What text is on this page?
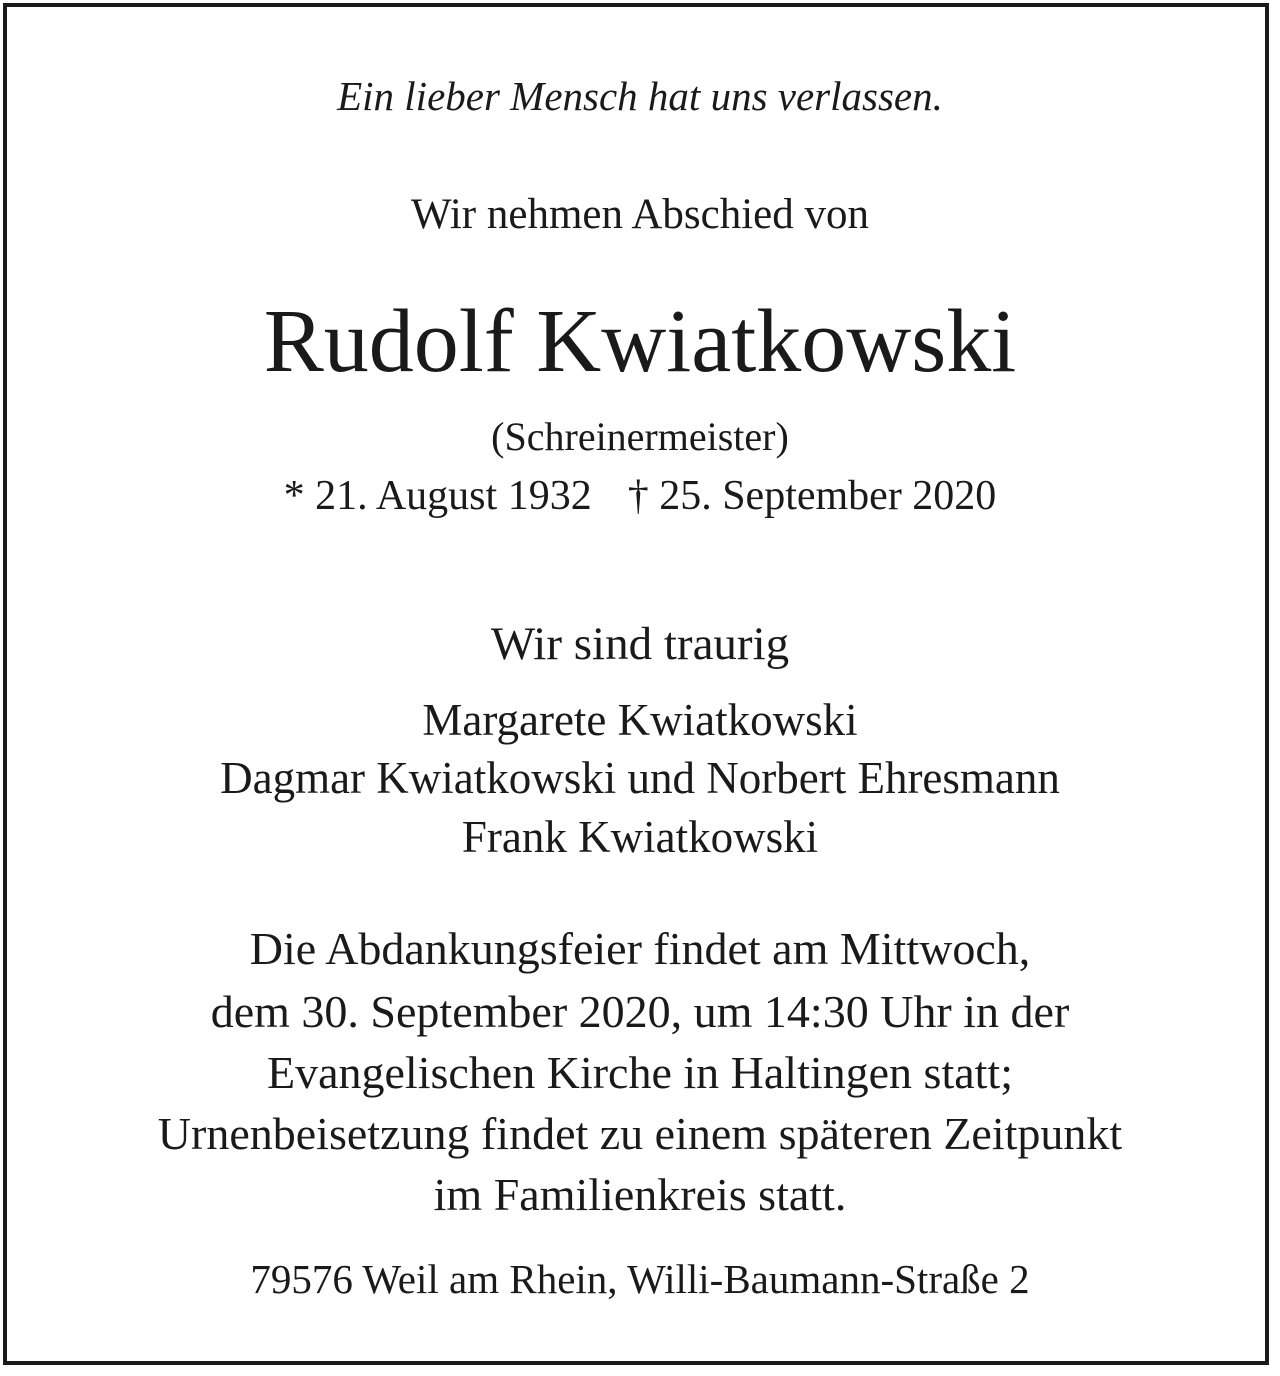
Ein lieber Mensch hat uns verlassen.
Wir nehmen Abschied von
Rudolf Kwiatkowski
(Schreinermeister)
* 21. August 1932 † 25. September 2020
Wir sind traurig
Margarete Kwiatkowski
Dagmar Kwiatkowski und Norbert Ehresmann
Frank Kwiatkowski
Die Abdankungsfeier findet am Mittwoch,
dem 30. September 2020, um 14:30 Uhr in der
Evangelischen Kirche in Haltingen statt;
Urnenbeisetzung findet zu einem späteren Zeitpunkt
im Familienkreis statt.
79576 Weil am Rhein, Willi-Baumann-Straße 2
